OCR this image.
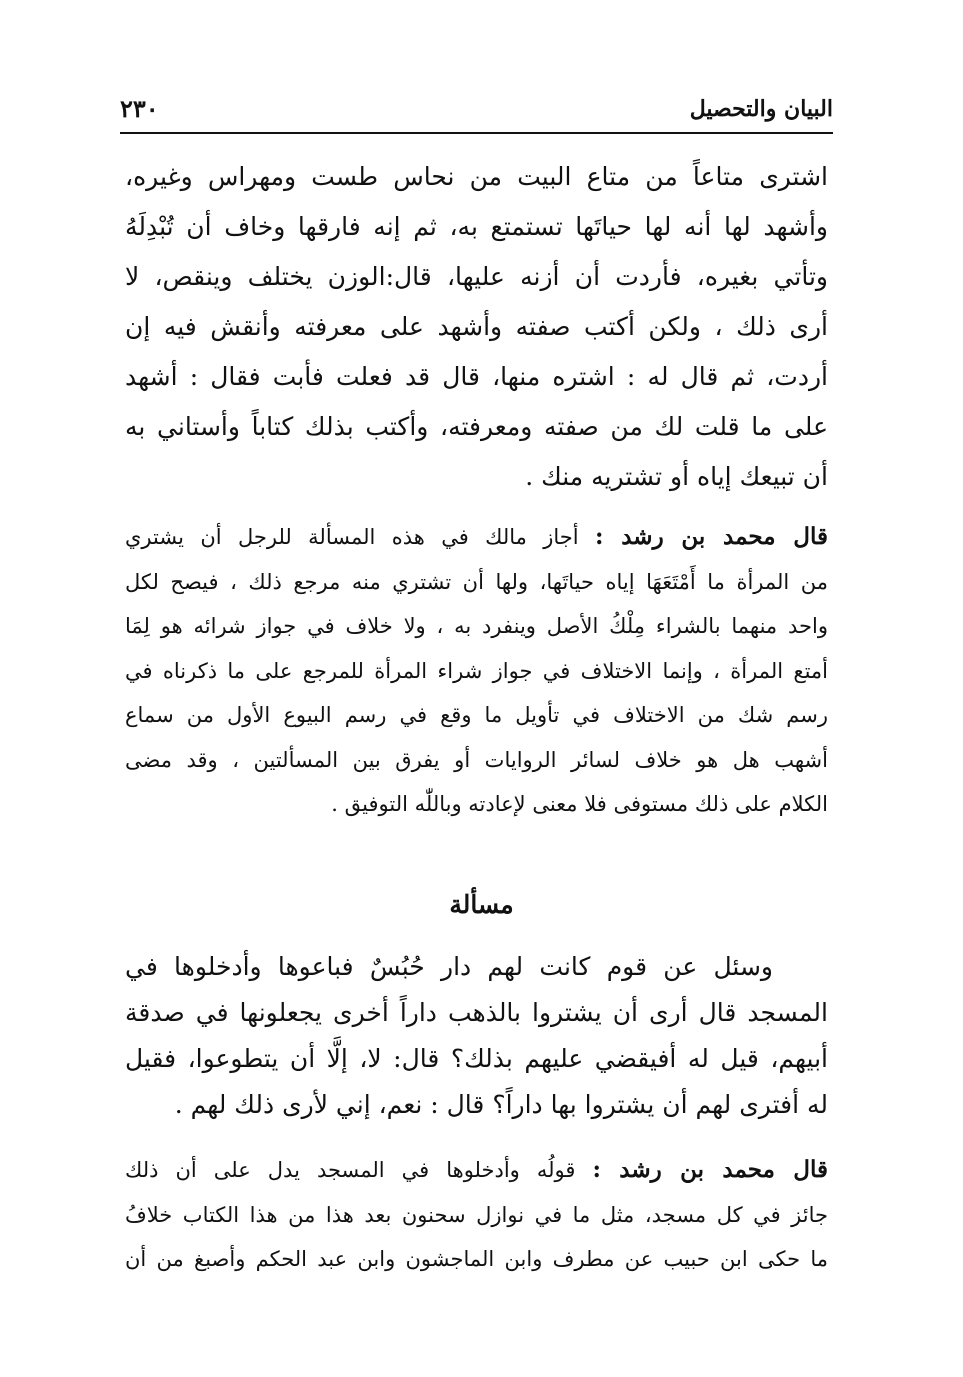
البيان والتحصيل
٢٣٠
اشترى متاعاً من متاع البيت من نحاس طست ومهراس وغيره،
وأشهد لها أنه لها حياتَها تستمتع به، ثم إنه فارقها وخاف أن تُبْدِلَهُ
وتأتي بغيره، فأردت أن أزنه عليها، قال:الوزن يختلف وينقص، لا
أرى ذلك ، ولكن أكتب صفته وأشهد على معرفته وأنقش فيه إن
أردت، ثم قال له : اشتره منها، قال قد فعلت فأبت فقال : أشهد
على ما قلت لك من صفته ومعرفته، وأكتب بذلك كتاباً وأستاني به
أن تبيعك إياه أو تشتريه منك .
قال محمد بن رشد : أجاز مالك في هذه المسألة للرجل أن يشتري
من المرأة ما أَمْتَعَهَا إياه حياتَها، ولها أن تشتري منه مرجع ذلك ، فيصح لكل
واحد منهما بالشراء مِلْكُ الأصل وينفرد به ، ولا خلاف في جواز شرائه هو لِمَا
أمتع المرأة ، وإنما الاختلاف في جواز شراء المرأة للمرجع على ما ذكرناه في
رسم شك من الاختلاف في تأويل ما وقع في رسم البيوع الأول من سماع
أشهب هل هو خلاف لسائر الروايات أو يفرق بين المسألتين ، وقد مضى
الكلام على ذلك مستوفى فلا معنى لإعادته وباللّٰه التوفيق .
مسألة
وسئل عن قوم كانت لهم دار حُبُسٌ فباعوها وأدخلوها في
المسجد قال أرى أن يشتروا بالذهب داراً أخرى يجعلونها في صدقة
أبيهم، قيل له أفيقضي عليهم بذلك؟ قال: لا، إلَّا أن يتطوعوا، فقيل
له أفترى لهم أن يشتروا بها داراً؟ قال : نعم، إني لأرى ذلك لهم .
قال محمد بن رشد : قولُه وأدخلوها في المسجد يدل على أن ذلك
جائز في كل مسجد، مثل ما في نوازل سحنون بعد هذا من هذا الكتاب خلافُ
ما حكى ابن حبيب عن مطرف وابن الماجشون وابن عبد الحكم وأصبغ من أن
